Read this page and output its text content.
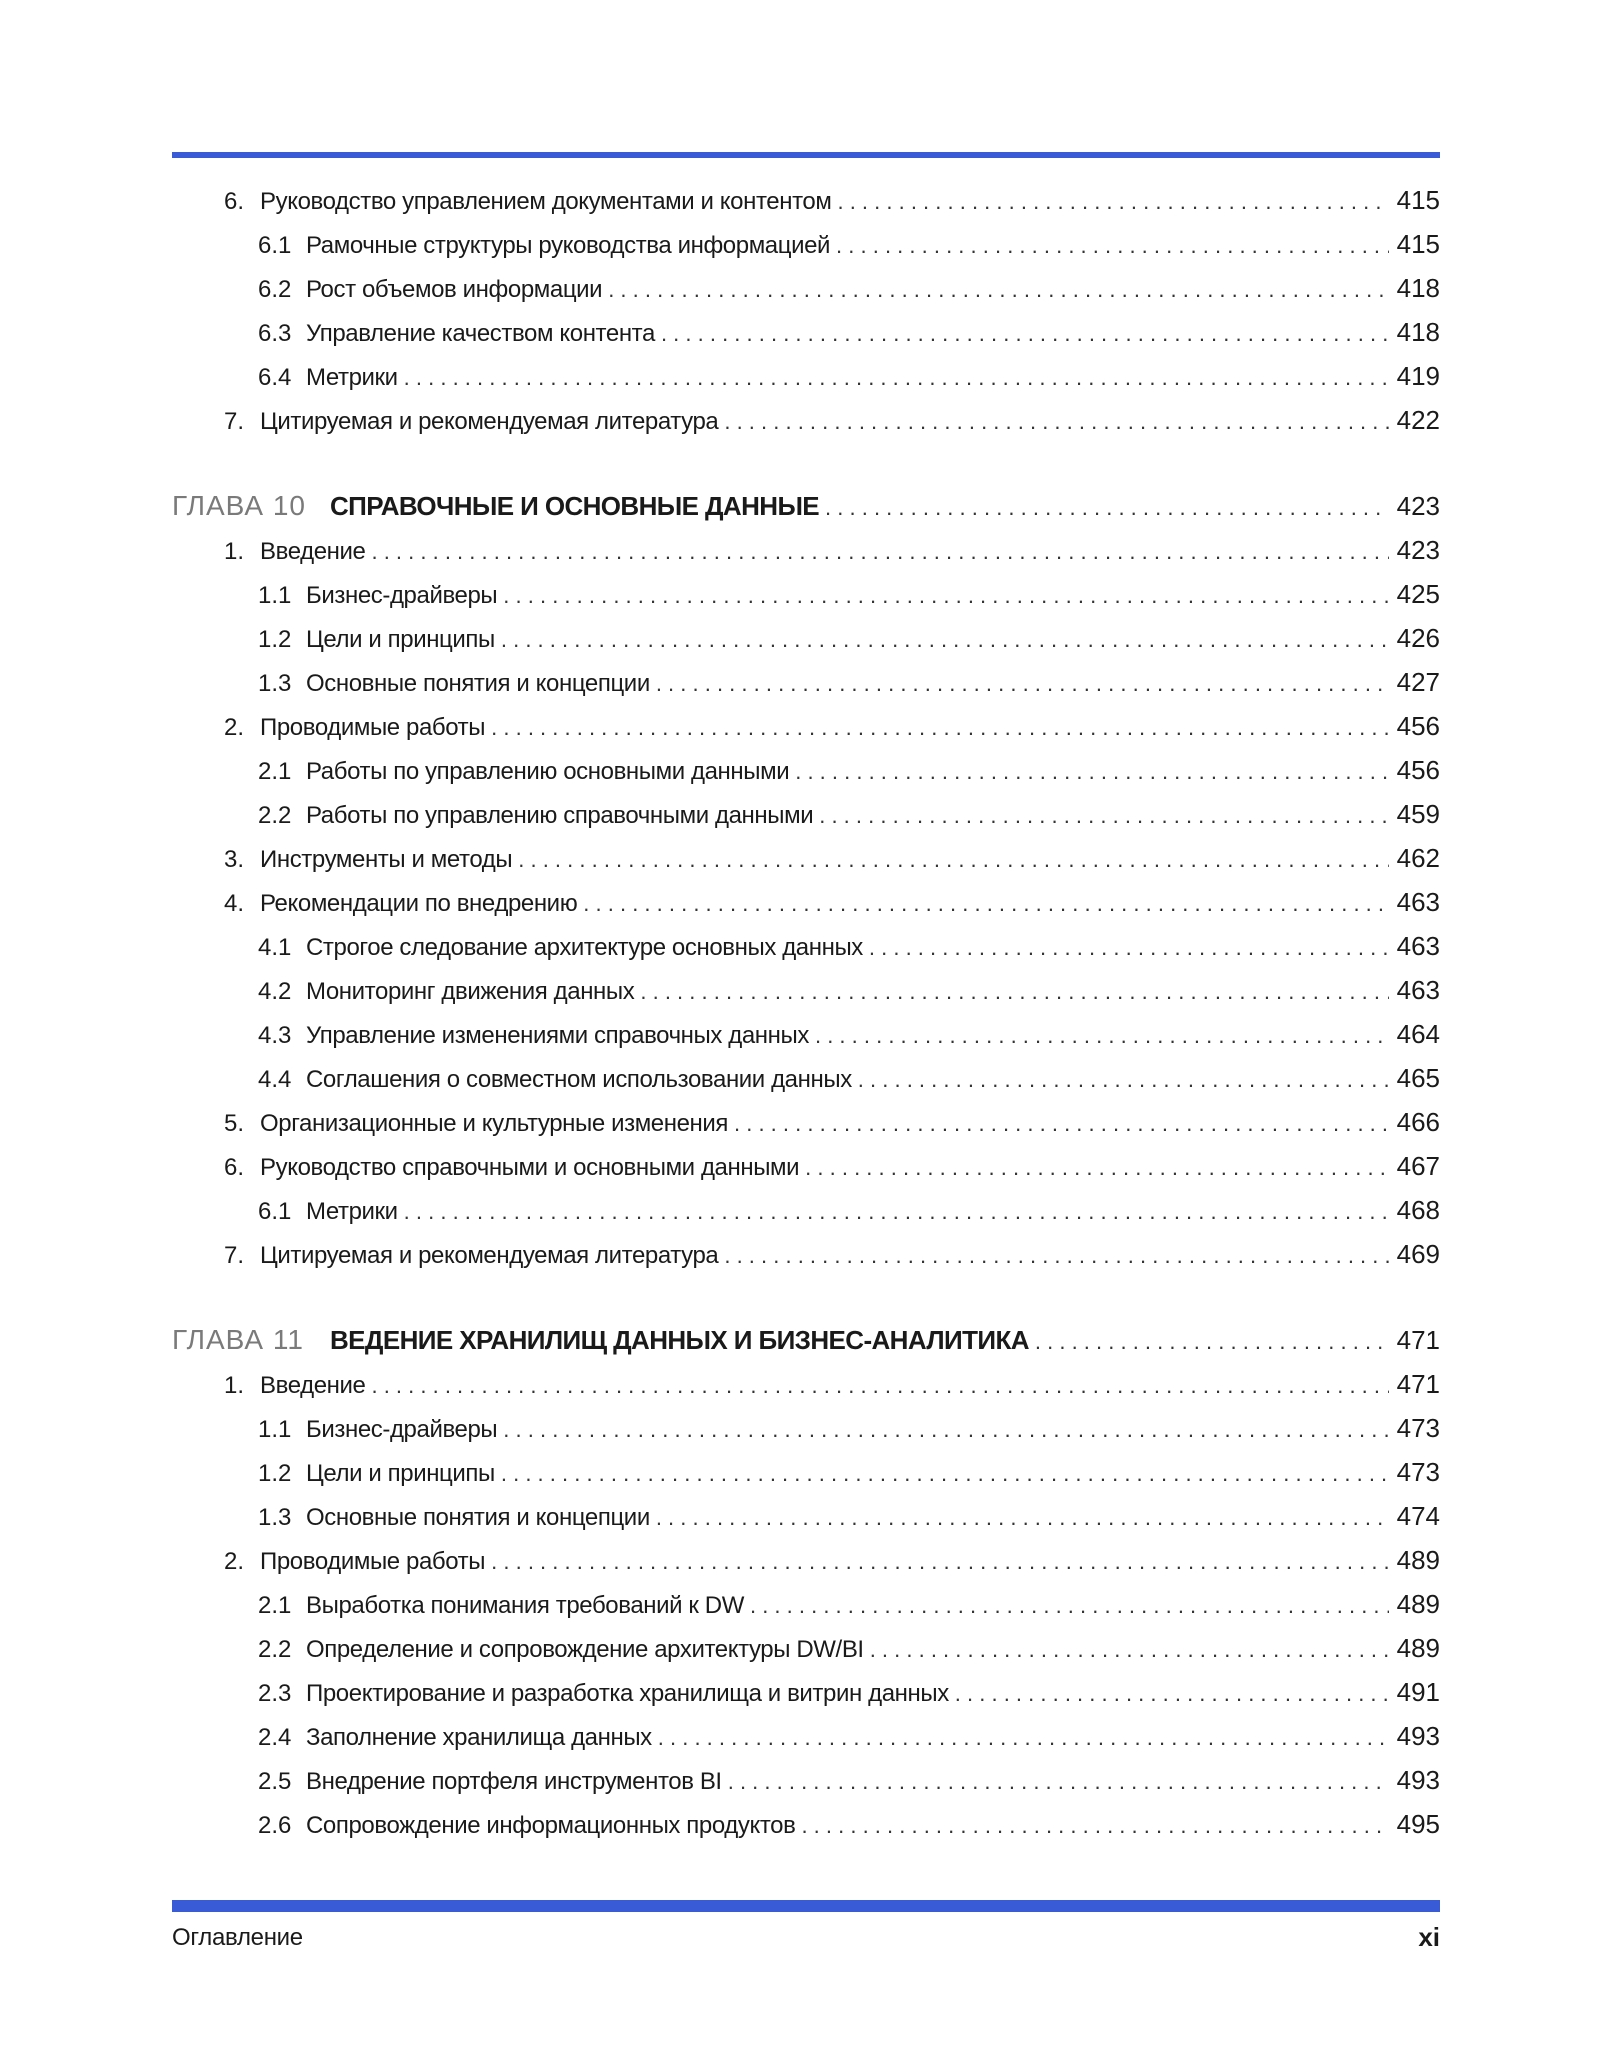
6. Руководство управлением документами и контентом . . .	415
6.1 Рамочные структуры руководства информацией . . .	415
6.2 Рост объемов информации . . .	418
6.3 Управление качеством контента . . .	418
6.4 Метрики . . .	419
7. Цитируемая и рекомендуемая литература . . .	422
ГЛАВА 10 СПРАВОЧНЫЕ И ОСНОВНЫЕ ДАННЫЕ . . .	423
1. Введение . . .	423
1.1 Бизнес-драйверы . . .	425
1.2 Цели и принципы . . .	426
1.3 Основные понятия и концепции . . .	427
2. Проводимые работы . . .	456
2.1 Работы по управлению основными данными . . .	456
2.2 Работы по управлению справочными данными . . .	459
3. Инструменты и методы . . .	462
4. Рекомендации по внедрению . . .	463
4.1 Строгое следование архитектуре основных данных . . .	463
4.2 Мониторинг движения данных . . .	463
4.3 Управление изменениями справочных данных . . .	464
4.4 Соглашения о совместном использовании данных . . .	465
5. Организационные и культурные изменения . . .	466
6. Руководство справочными и основными данными . . .	467
6.1 Метрики . . .	468
7. Цитируемая и рекомендуемая литература . . .	469
ГЛАВА 11	ВЕДЕНИЕ ХРАНИЛИЩ ДАННЫХ И БИЗНЕС-АНАЛИТИКА . . .	471
1. Введение . . .	471
1.1 Бизнес-драйверы . . .	473
1.2 Цели и принципы . . .	473
1.3 Основные понятия и концепции . . .	474
2. Проводимые работы . . .	489
2.1 Выработка понимания требований к DW . . .	489
2.2 Определение и сопровождение архитектуры DW/BI . . .	489
2.3 Проектирование и разработка хранилища и витрин данных . . .	491
2.4 Заполнение хранилища данных . . .	493
2.5 Внедрение портфеля инструментов BI . . .	493
2.6 Сопровождение информационных продуктов . . .	495
Оглавление	xi
